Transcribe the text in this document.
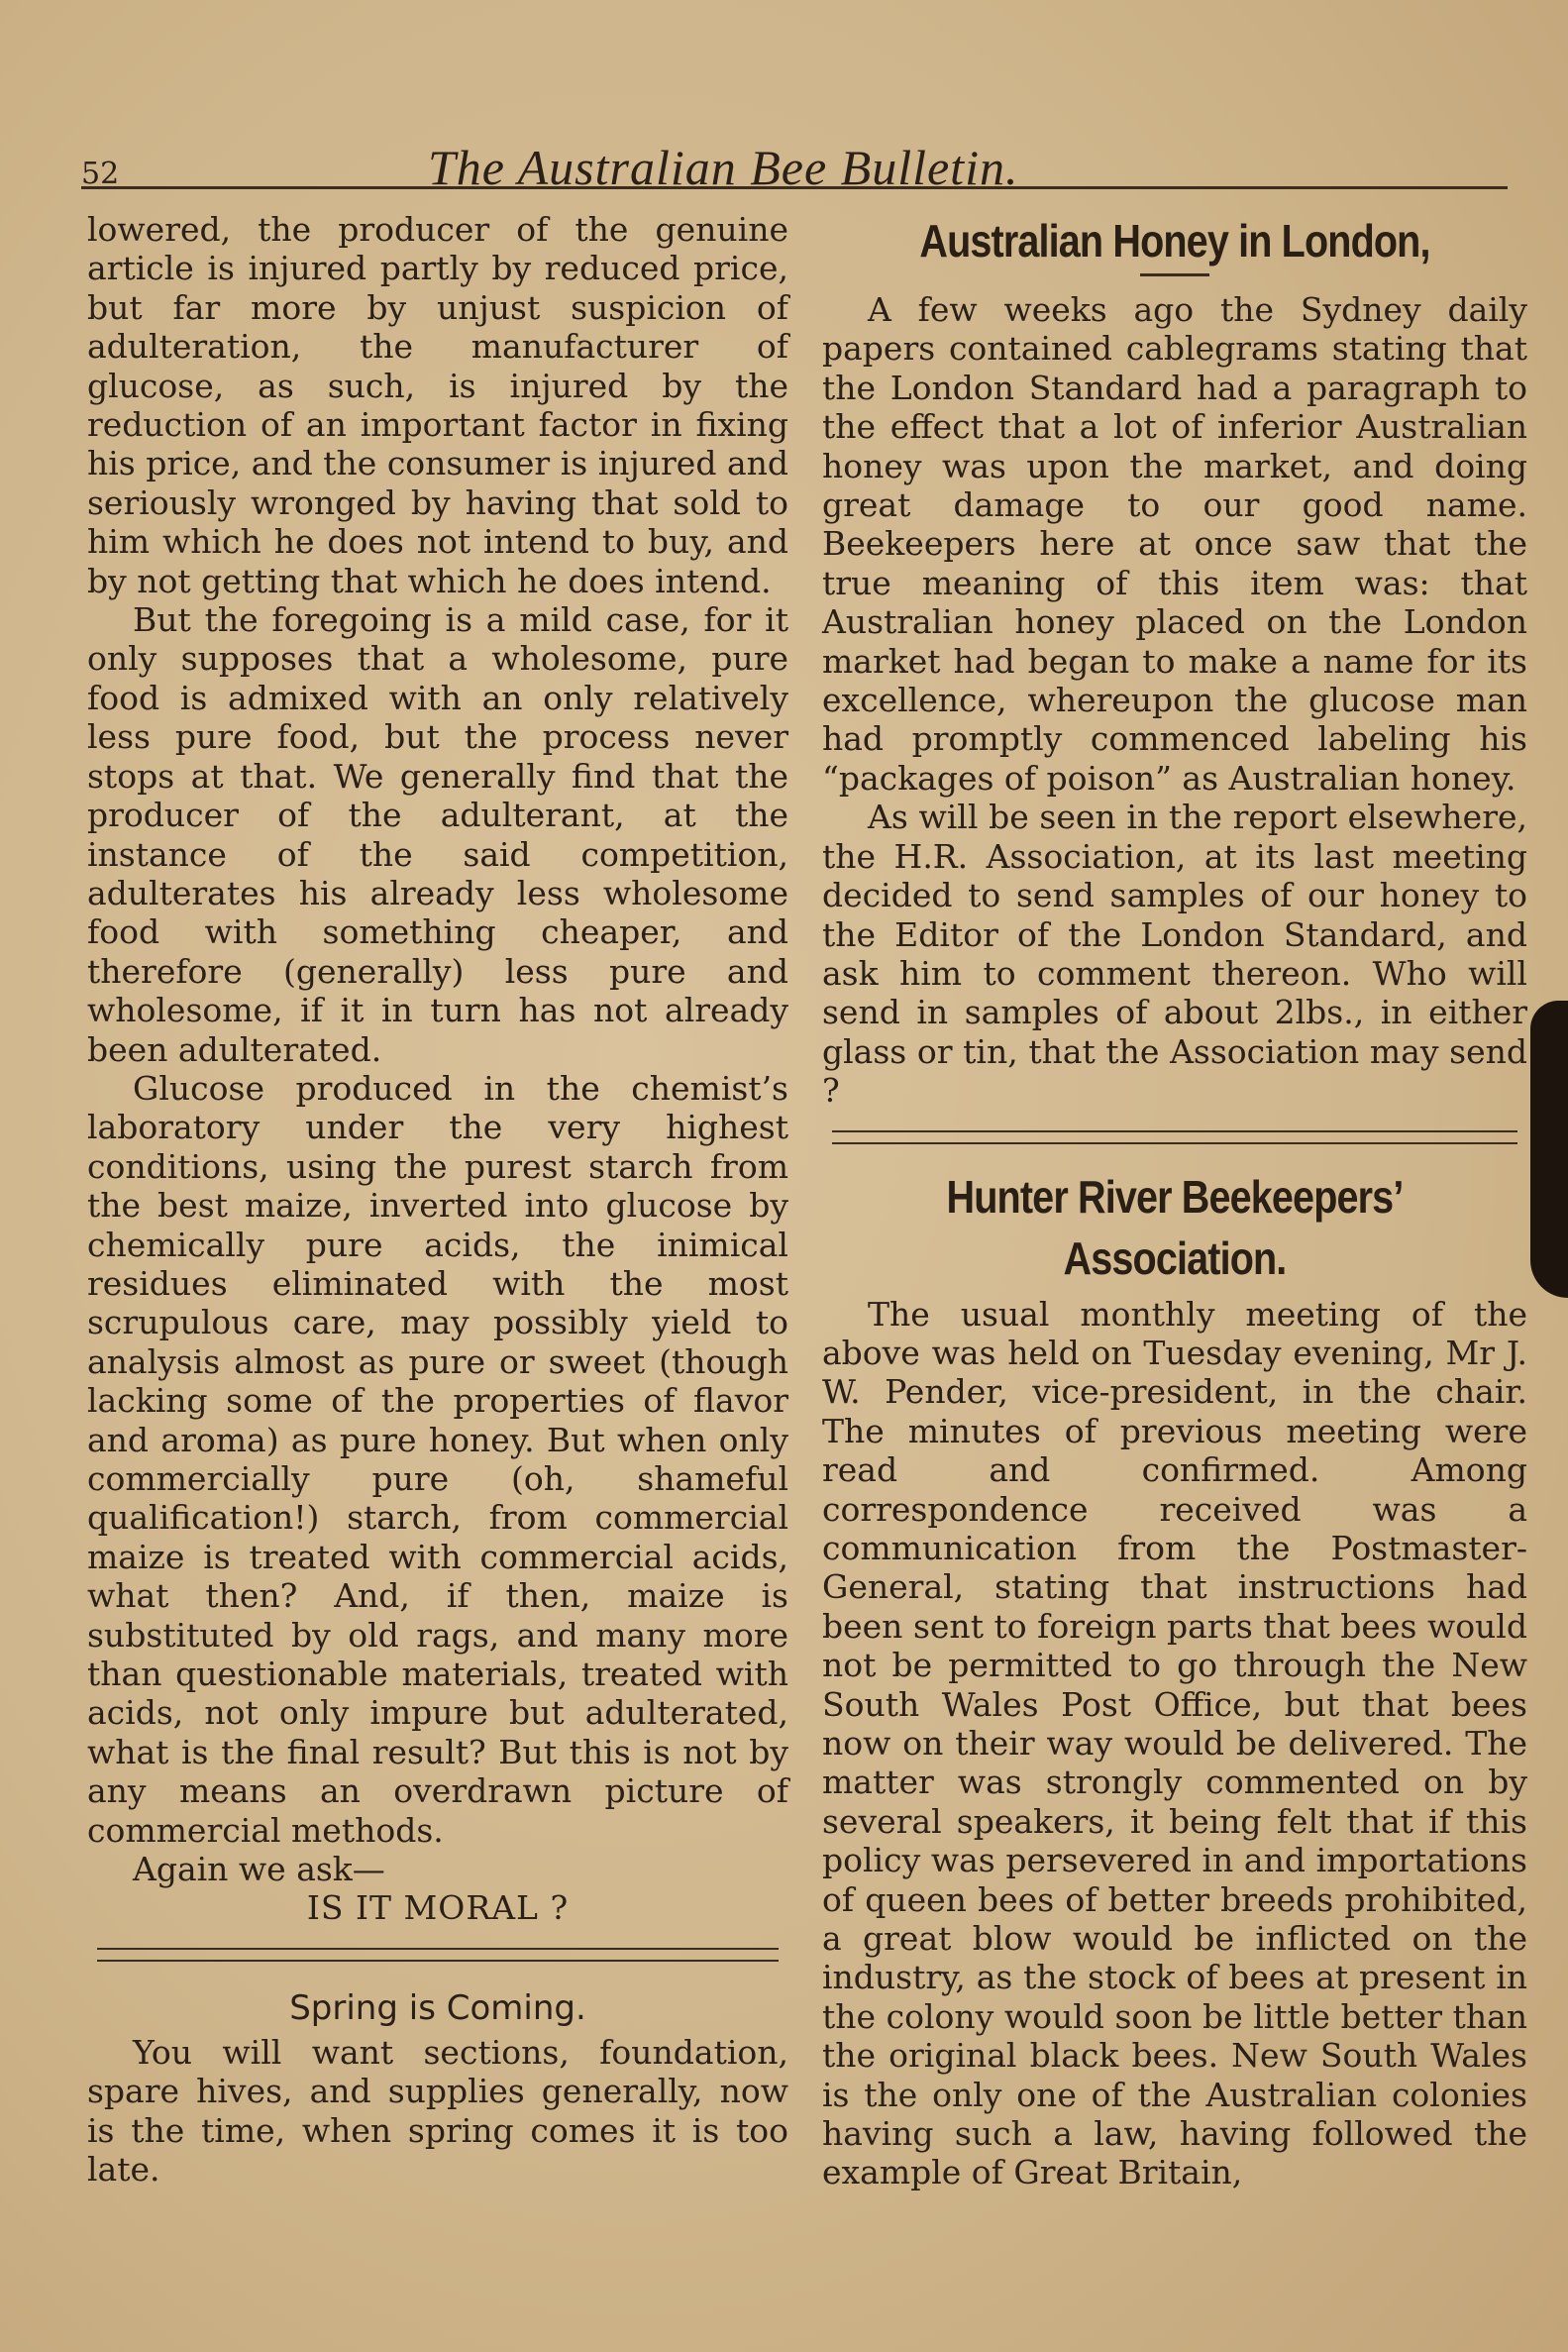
52	The Australian Bee Bulletin.

lowered, the producer of the genuine article is injured partly by reduced price, but far more by unjust suspicion of adulteration, the manufacturer of glucose, as such, is injured by the reduction of an important factor in fixing his price, and the consumer is injured and seriously wronged by having that sold to him which he does not intend to buy, and by not getting that which he does intend.

But the foregoing is a mild case, for it only supposes that a wholesome, pure food is admixed with an only relatively less pure food, but the process never stops at that. We generally find that the producer of the adulterant, at the instance of the said competition, adulterates his already less wholesome food with something cheaper, and therefore (generally) less pure and wholesome, if it in turn has not already been adulterated.

Glucose produced in the chemist’s laboratory under the very highest conditions, using the purest starch from the best maize, inverted into glucose by chemically pure acids, the inimical residues eliminated with the most scrupulous care, may possibly yield to analysis almost as pure or sweet (though lacking some of the properties of flavor and aroma) as pure honey. But when only commercially pure (oh, shameful qualification!) starch, from commercial maize is treated with commercial acids, what then? And, if then, maize is substituted by old rags, and many more than questionable materials, treated with acids, not only impure but adulterated, what is the final result? But this is not by any means an overdrawn picture of commercial methods.

Again we ask—

IS IT MORAL ?

Spring is Coming.

You will want sections, foundation, spare hives, and supplies generally, now is the time, when spring comes it is too late.

Australian Honey in London,

A few weeks ago the Sydney daily papers contained cablegrams stating that the London Standard had a paragraph to the effect that a lot of inferior Australian honey was upon the market, and doing great damage to our good name. Beekeepers here at once saw that the true meaning of this item was: that Australian honey placed on the London market had began to make a name for its excellence, whereupon the glucose man had promptly commenced labeling his “packages of poison” as Australian honey.

As will be seen in the report elsewhere, the H.R. Association, at its last meeting decided to send samples of our honey to the Editor of the London Standard, and ask him to comment thereon. Who will send in samples of about 2lbs., in either glass or tin, that the Association may send ?

Hunter River Beekeepers’ Association.

The usual monthly meeting of the above was held on Tuesday evening, Mr J. W. Pender, vice-president, in the chair. The minutes of previous meeting were read and confirmed. Among correspondence received was a communication from the Postmaster-General, stating that instructions had been sent to foreign parts that bees would not be permitted to go through the New South Wales Post Office, but that bees now on their way would be delivered. The matter was strongly commented on by several speakers, it being felt that if this policy was persevered in and importations of queen bees of better breeds prohibited, a great blow would be inflicted on the industry, as the stock of bees at present in the colony would soon be little better than the original black bees. New South Wales is the only one of the Australian colonies having such a law, having followed the example of Great Britain,
